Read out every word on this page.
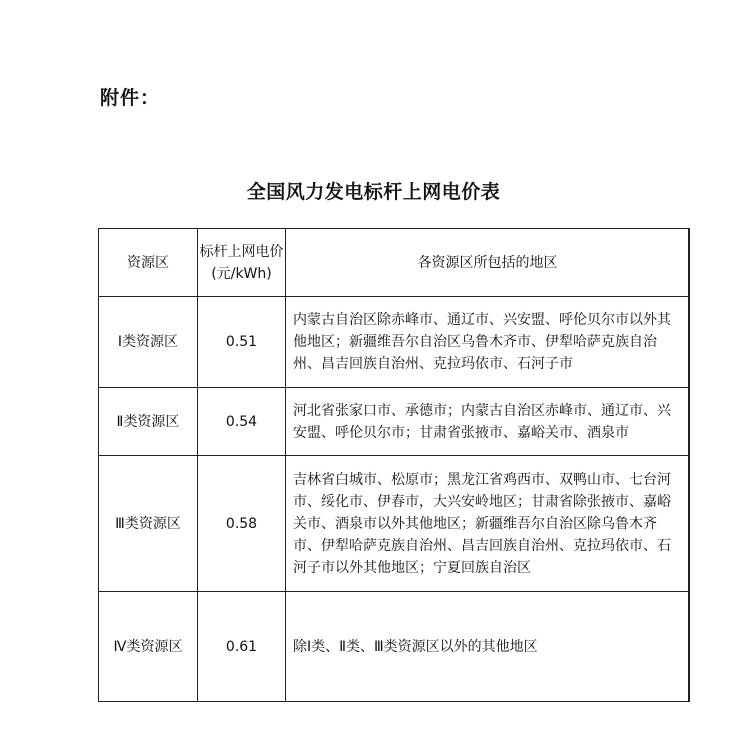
附件：
全国风力发电标杆上网电价表
资源区	标杆上网电价(元/kWh)	各资源区所包括的地区
Ⅰ类资源区	0.51	内蒙古自治区除赤峰市、通辽市、兴安盟、呼伦贝尔市以外其他地区；新疆维吾尔自治区乌鲁木齐市、伊犁哈萨克族自治州、昌吉回族自治州、克拉玛依市、石河子市
Ⅱ类资源区	0.54	河北省张家口市、承德市；内蒙古自治区赤峰市、通辽市、兴安盟、呼伦贝尔市；甘肃省张掖市、嘉峪关市、酒泉市
Ⅲ类资源区	0.58	吉林省白城市、松原市；黑龙江省鸡西市、双鸭山市、七台河市、绥化市、伊春市，大兴安岭地区；甘肃省除张掖市、嘉峪关市、酒泉市以外其他地区；新疆维吾尔自治区除乌鲁木齐市、伊犁哈萨克族自治州、昌吉回族自治州、克拉玛依市、石河子市以外其他地区；宁夏回族自治区
Ⅳ类资源区	0.61	除Ⅰ类、Ⅱ类、Ⅲ类资源区以外的其他地区
